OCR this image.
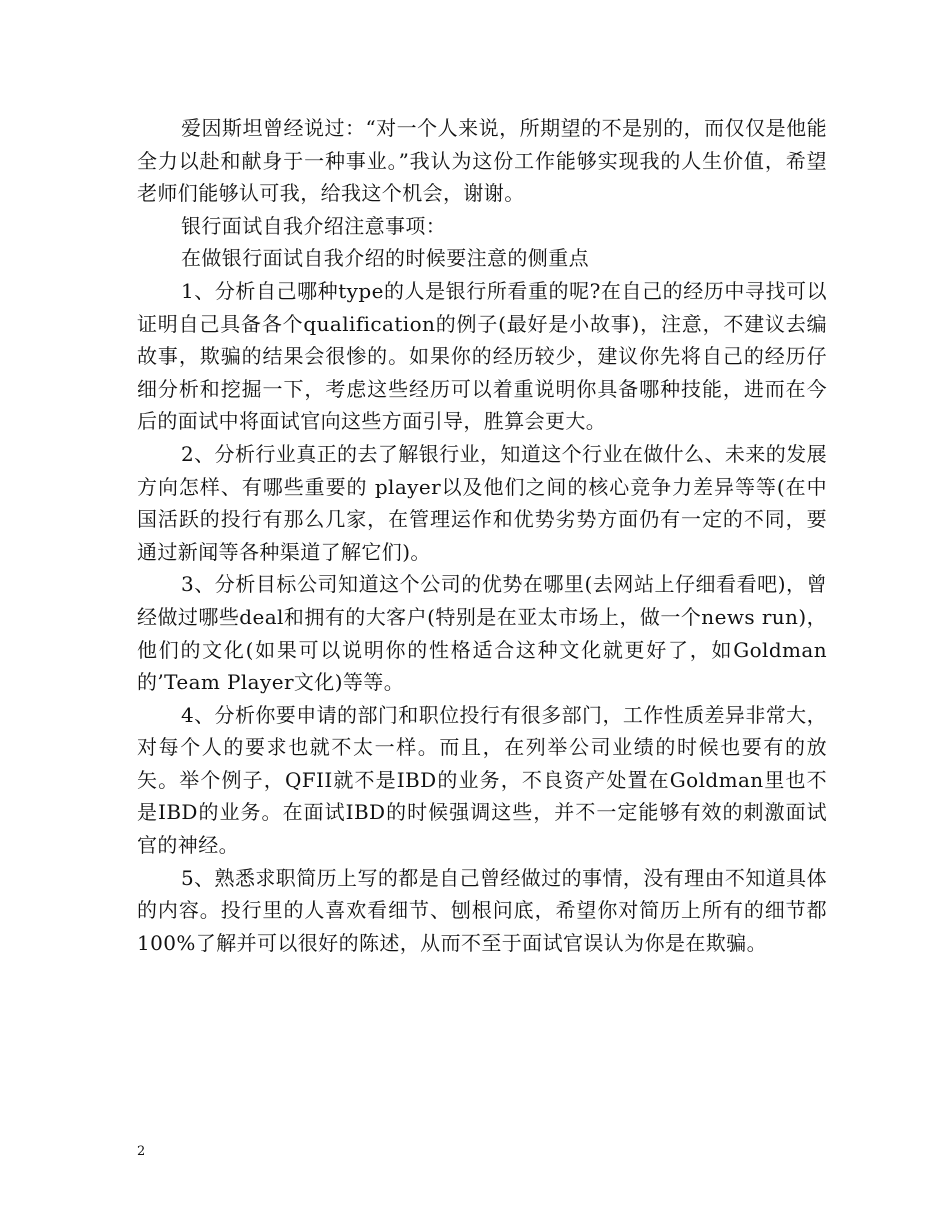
爱因斯坦曾经说过：“对一个人来说，所期望的不是别的，而仅仅是他能全力以赴和献身于一种事业。”我认为这份工作能够实现我的人生价值，希望老师们能够认可我，给我这个机会，谢谢。

银行面试自我介绍注意事项：

在做银行面试自我介绍的时候要注意的侧重点

1、分析自己哪种type的人是银行所看重的呢?在自己的经历中寻找可以证明自己具备各个qualification的例子(最好是小故事)，注意，不建议去编故事，欺骗的结果会很惨的。如果你的经历较少，建议你先将自己的经历仔细分析和挖掘一下，考虑这些经历可以着重说明你具备哪种技能，进而在今后的面试中将面试官向这些方面引导，胜算会更大。

2、分析行业真正的去了解银行业，知道这个行业在做什么、未来的发展方向怎样、有哪些重要的 player以及他们之间的核心竞争力差异等等(在中国活跃的投行有那么几家，在管理运作和优势劣势方面仍有一定的不同，要通过新闻等各种渠道了解它们)。

3、分析目标公司知道这个公司的优势在哪里(去网站上仔细看看吧)，曾经做过哪些deal和拥有的大客户(特别是在亚太市场上，做一个news run)，他们的文化(如果可以说明你的性格适合这种文化就更好了，如Goldman的’Team Player文化)等等。

4、分析你要申请的部门和职位投行有很多部门，工作性质差异非常大，对每个人的要求也就不太一样。而且，在列举公司业绩的时候也要有的放矢。举个例子，QFII就不是IBD的业务，不良资产处置在Goldman里也不是IBD的业务。在面试IBD的时候强调这些，并不一定能够有效的刺激面试官的神经。

5、熟悉求职简历上写的都是自己曾经做过的事情，没有理由不知道具体的内容。投行里的人喜欢看细节、刨根问底，希望你对简历上所有的细节都100%了解并可以很好的陈述，从而不至于面试官误认为你是在欺骗。

2
